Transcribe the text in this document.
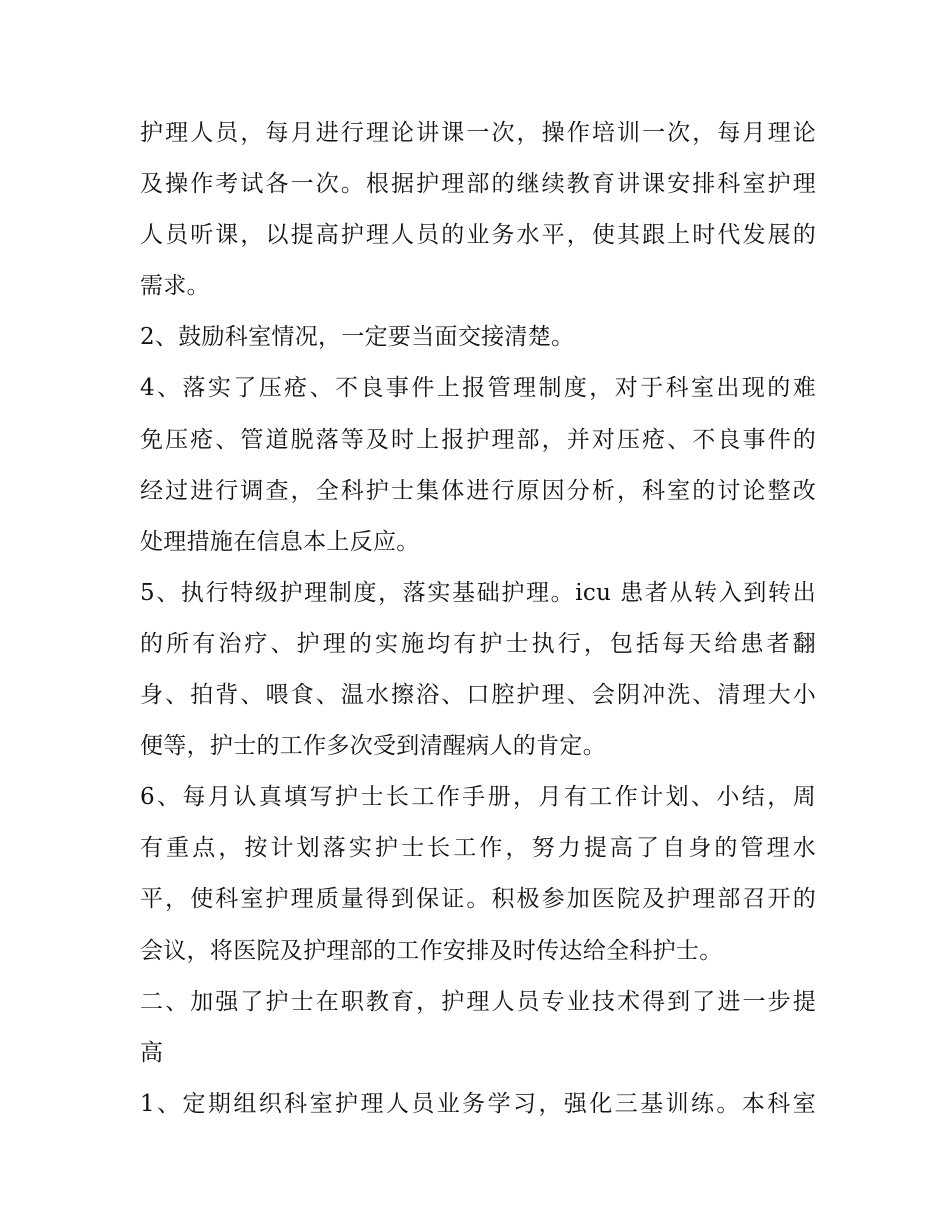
护理人员，每月进行理论讲课一次，操作培训一次，每月理论
及操作考试各一次。根据护理部的继续教育讲课安排科室护理
人员听课，以提高护理人员的业务水平，使其跟上时代发展的
需求。
2、鼓励科室情况，一定要当面交接清楚。
4、落实了压疮、不良事件上报管理制度，对于科室出现的难
免压疮、管道脱落等及时上报护理部，并对压疮、不良事件的
经过进行调查，全科护士集体进行原因分析，科室的讨论整改
处理措施在信息本上反应。
5、执行特级护理制度，落实基础护理。icu 患者从转入到转出
的所有治疗、护理的实施均有护士执行，包括每天给患者翻
身、拍背、喂食、温水擦浴、口腔护理、会阴冲洗、清理大小
便等，护士的工作多次受到清醒病人的肯定。
6、每月认真填写护士长工作手册，月有工作计划、小结，周
有重点，按计划落实护士长工作，努力提高了自身的管理水
平，使科室护理质量得到保证。积极参加医院及护理部召开的
会议，将医院及护理部的工作安排及时传达给全科护士。
二、加强了护士在职教育，护理人员专业技术得到了进一步提
高
1、定期组织科室护理人员业务学习，强化三基训练。本科室
